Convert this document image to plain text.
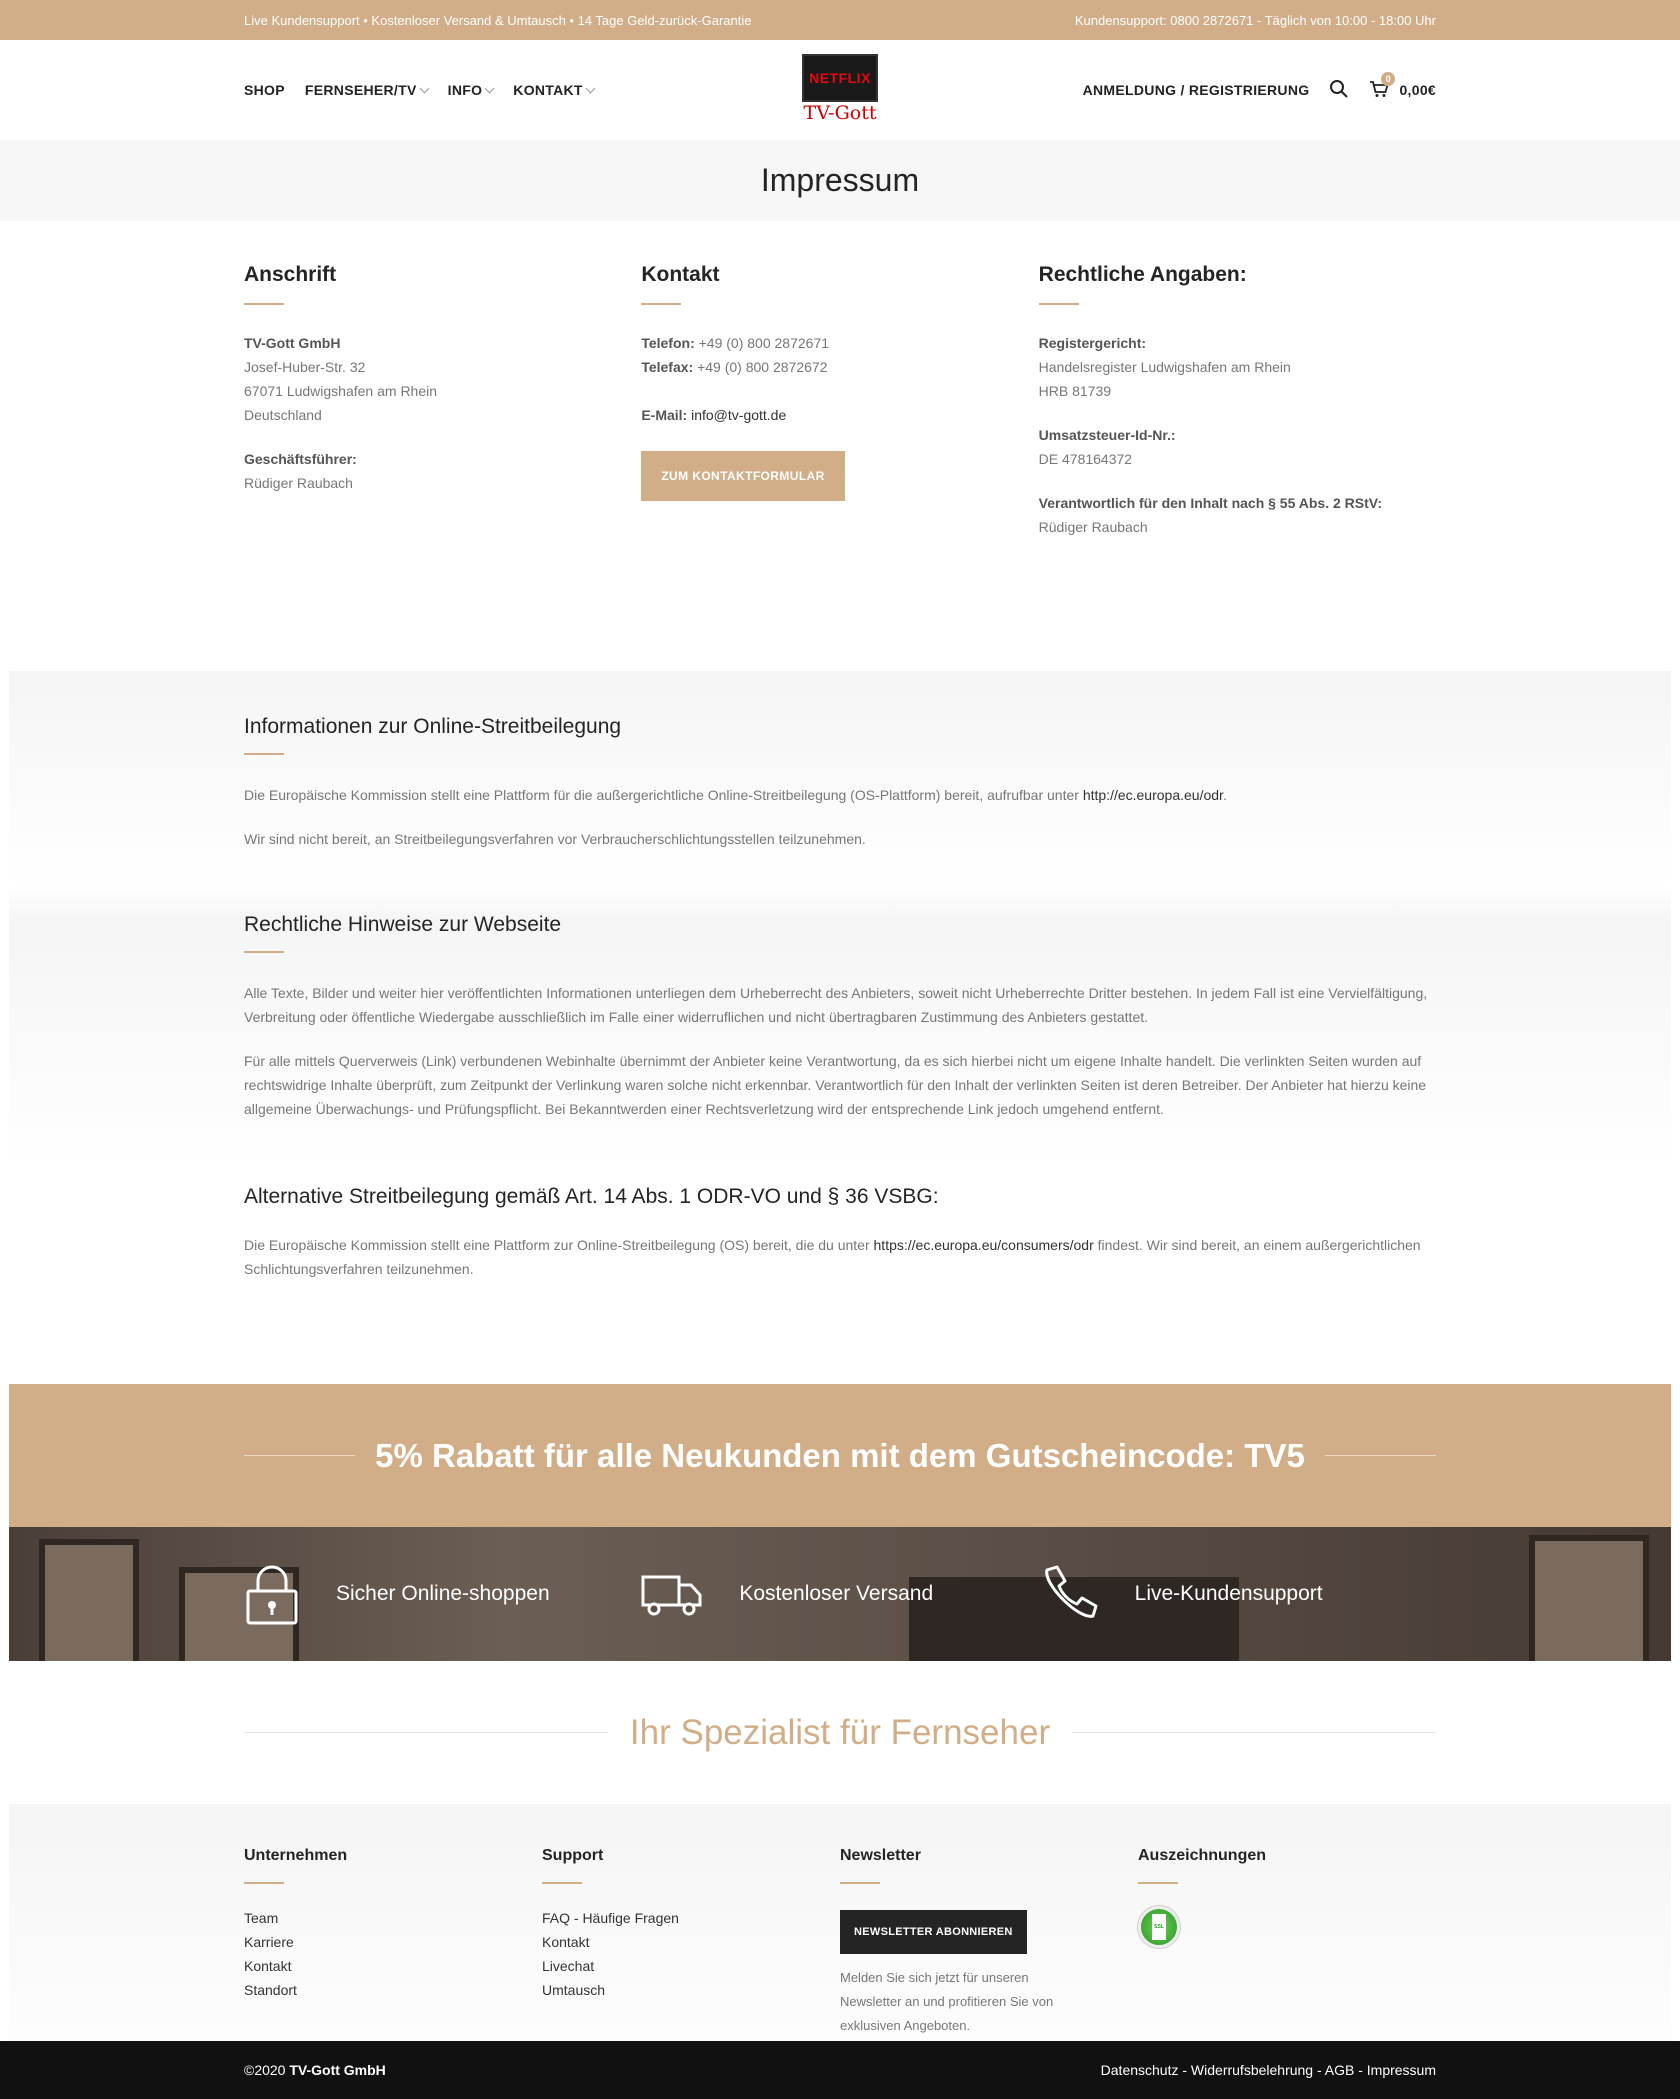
Live Kundensupport • Kostenloser Versand & Umtausch • 14 Tage Geld-zurück-Garantie	Kundensupport: 0800 2872671 - Täglich von 10:00 - 18:00 Uhr
SHOP FERNSEHER/TV INFO KONTAKT
NETFLIX
TV-Gott
ANMELDUNG / REGISTRIERUNG
0
0,00€
Impressum
Anschrift
TV-Gott GmbH
Josef-Huber-Str. 32
67071 Ludwigshafen am Rhein
Deutschland
Geschäftsführer:
Rüdiger Raubach
Kontakt
Telefon: +49 (0) 800 2872671
Telefax: +49 (0) 800 2872672
E-Mail: info@tv-gott.de
ZUM KONTAKTFORMULAR
Rechtliche Angaben:
Registergericht:
Handelsregister Ludwigshafen am Rhein
HRB 81739
Umsatzsteuer-Id-Nr.:
DE 478164372
Verantwortlich für den Inhalt nach § 55 Abs. 2 RStV:
Rüdiger Raubach
Informationen zur Online-Streitbeilegung

Die Europäische Kommission stellt eine Plattform für die außergerichtliche Online-Streitbeilegung (OS-Plattform) bereit, aufrufbar unter http://ec.europa.eu/odr.

Wir sind nicht bereit, an Streitbeilegungsverfahren vor Verbraucherschlichtungsstellen teilzunehmen.

Rechtliche Hinweise zur Webseite

Alle Texte, Bilder und weiter hier veröffentlichten Informationen unterliegen dem Urheberrecht des Anbieters, soweit nicht Urheberrechte Dritter bestehen. In jedem Fall ist eine Vervielfältigung, Verbreitung oder öffentliche Wiedergabe ausschließlich im Falle einer widerruflichen und nicht übertragbaren Zustimmung des Anbieters gestattet.

Für alle mittels Querverweis (Link) verbundenen Webinhalte übernimmt der Anbieter keine Verantwortung, da es sich hierbei nicht um eigene Inhalte handelt. Die verlinkten Seiten wurden auf rechtswidrige Inhalte überprüft, zum Zeitpunkt der Verlinkung waren solche nicht erkennbar. Verantwortlich für den Inhalt der verlinkten Seiten ist deren Betreiber. Der Anbieter hat hierzu keine allgemeine Überwachungs- und Prüfungspflicht. Bei Bekanntwerden einer Rechtsverletzung wird der entsprechende Link jedoch umgehend entfernt.

Alternative Streitbeilegung gemäß Art. 14 Abs. 1 ODR-VO und § 36 VSBG:

Die Europäische Kommission stellt eine Plattform zur Online-Streitbeilegung (OS) bereit, die du unter https://ec.europa.eu/consumers/odr findest. Wir sind bereit, an einem außergerichtlichen Schlichtungsverfahren teilzunehmen.

5% Rabatt für alle Neukunden mit dem Gutscheincode: TV5
Sicher Online-shoppen	Kostenloser Versand	Live-Kundensupport
Ihr Spezialist für Fernseher
Unternehmen
Team
Karriere
Kontakt
Standort
Support
FAQ - Häufige Fragen
Kontakt
Livechat
Umtausch
Newsletter
NEWSLETTER ABONNIEREN
Melden Sie sich jetzt für unseren Newsletter an und profitieren Sie von exklusiven Angeboten.
Auszeichnungen
SSL
©2020 TV-Gott GmbH	Datenschutz - Widerrufsbelehrung - AGB - Impressum
